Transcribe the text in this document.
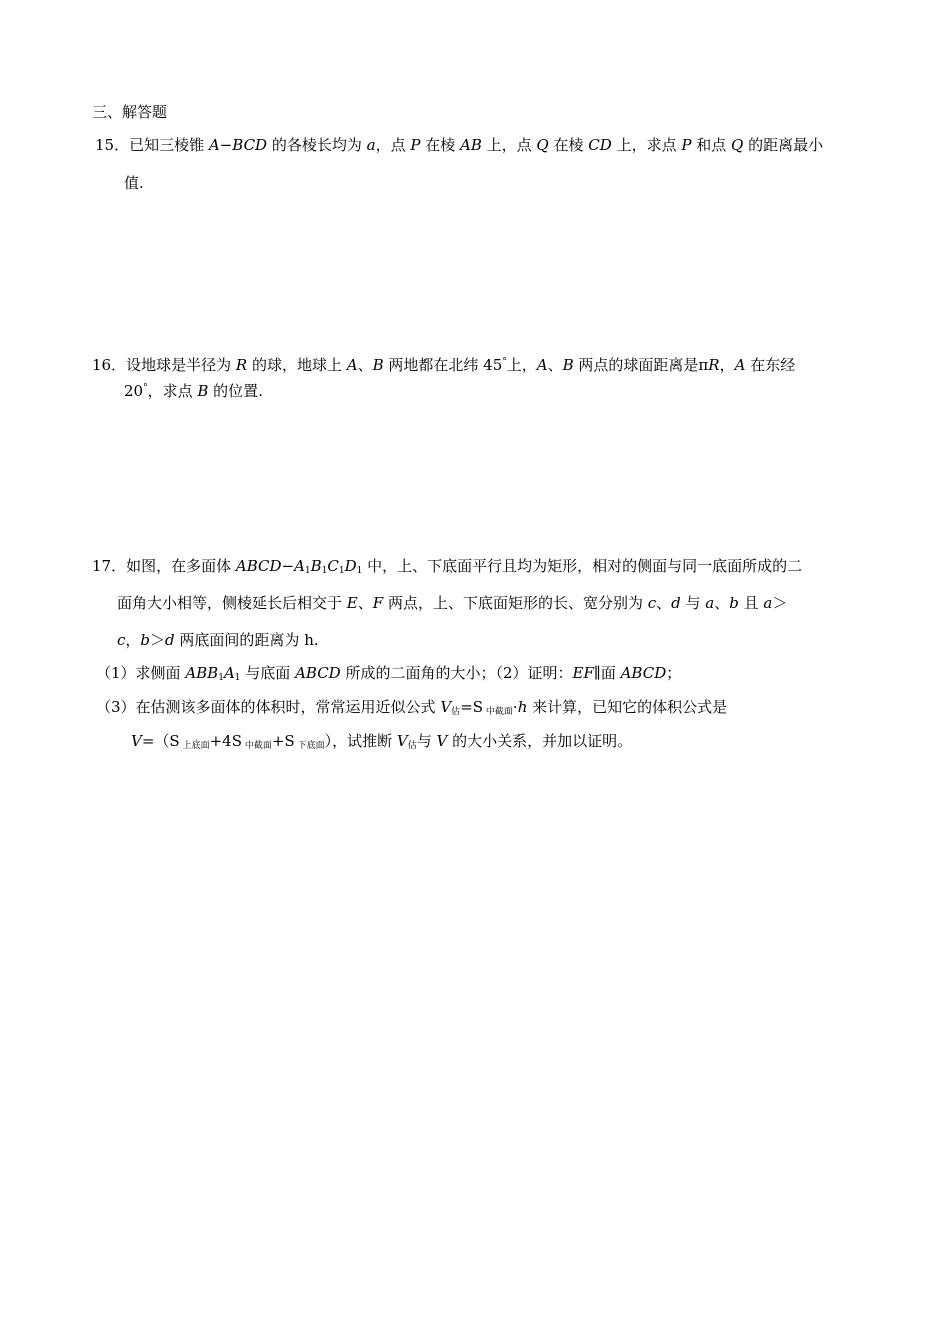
三、解答题
15．已知三棱锥 A−BCD 的各棱长均为 a，点 P 在棱 AB 上，点 Q 在棱 CD 上，求点 P 和点 Q 的距离最小
值.
16．设地球是半径为 R 的球，地球上 A、B 两地都在北纬 45°上，A、B 两点的球面距离是πR，A 在东经
20°，求点 B 的位置.
17．如图，在多面体 $ABCD-A_1B_1C_1D_1$ 中，上、下底面平行且均为矩形，相对的侧面与同一底面所成的二
面角大小相等，侧棱延长后相交于 E、F 两点，上、下底面矩形的长、宽分别为 c、d 与 a、b 且 a＞
c，b＞d 两底面间的距离为 h.
（1）求侧面 $ABB_1A_1$ 与底面 ABCD 所成的二面角的大小；（2）证明：EF∥面 ABCD；
（3）在估测该多面体的体积时，常常运用近似公式 $V_估=S$ $_{中截面}$·h 来计算，已知它的体积公式是
V=（S $_{上底面}$+4S $_{中截面}$+S $_{下底面}$），试推断 $V_估$与 V 的大小关系，并加以证明。
